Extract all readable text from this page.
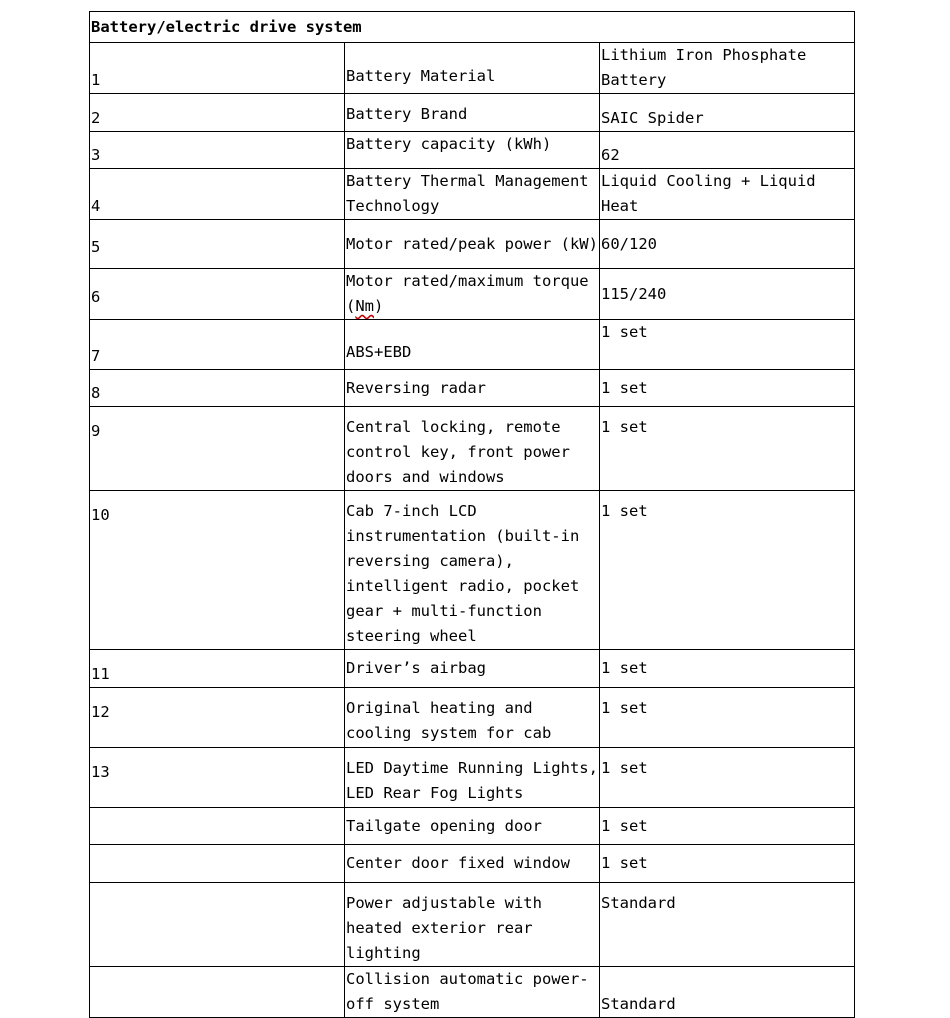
Battery/electric drive system		
1	Battery Material	Lithium Iron Phosphate Battery
2	Battery Brand	SAIC Spider
3	Battery capacity (kWh)	62
4	Battery Thermal Management Technology	Liquid Cooling + Liquid Heat
5	Motor rated/peak power (kW)	60/120
6	Motor rated/maximum torque (Nm)	115/240
7	ABS+EBD	1 set
8	Reversing radar	1 set
9	Central locking, remote control key, front power doors and windows	1 set
10	Cab 7-inch LCD instrumentation (built-in reversing camera), intelligent radio, pocket gear + multi-function steering wheel	1 set
11	Driver’s airbag	1 set
12	Original heating and cooling system for cab	1 set
13	LED Daytime Running Lights, LED Rear Fog Lights	1 set
	Tailgate opening door	1 set
	Center door fixed window	1 set
	Power adjustable with heated exterior rear lighting	Standard
	Collision automatic power-off system	Standard
